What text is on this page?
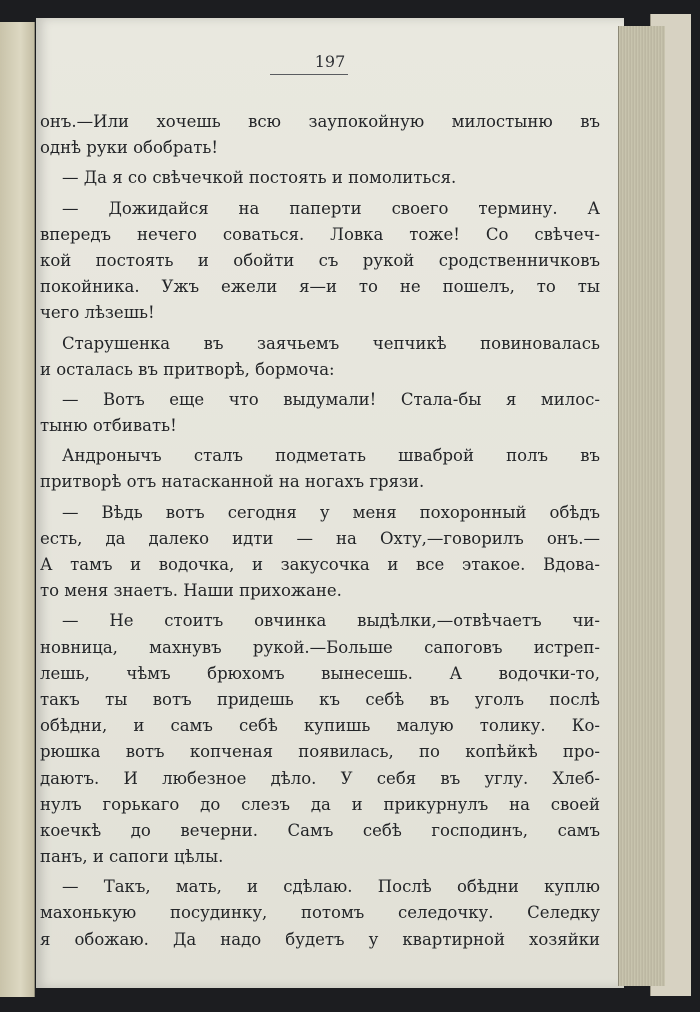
197
онъ.—Или хочешь всю заупокойную милостыню въ
однѣ руки обобрать!
— Да я со свѣчечкой постоять и помолиться.
— Дожидайся на паперти своего термину. А
впередъ нечего соваться. Ловка тоже! Со свѣчеч-
кой постоять и обойти съ рукой сродственничковъ
покойника. Ужъ ежели я—и то не пошелъ, то ты
чего лѣзешь!
Старушенка въ заячьемъ чепчикѣ повиновалась
и осталась въ притворѣ, бормоча:
— Вотъ еще что выдумали! Стала-бы я милос-
тыню отбивать!
Андронычъ сталъ подметать шваброй полъ въ
притворѣ отъ натасканной на ногахъ грязи.
— Вѣдь вотъ сегодня у меня похоронный обѣдъ
есть, да далеко идти — на Охту,—говорилъ онъ.—
А тамъ и водочка, и закусочка и все этакое. Вдова-
то меня знаетъ. Наши прихожане.
— Не стоитъ овчинка выдѣлки,—отвѣчаетъ чи-
новница, махнувъ рукой.—Больше сапоговъ истреп-
лешь, чѣмъ брюхомъ вынесешь. А водочки-то,
такъ ты вотъ придешь къ себѣ въ уголъ послѣ
обѣдни, и самъ себѣ купишь малую толику. Ко-
рюшка вотъ копченая появилась, по копѣйкѣ про-
даютъ. И любезное дѣло. У себя въ углу. Хлеб-
нулъ горькаго до слезъ да и прикурнулъ на своей
коечкѣ до вечерни. Самъ себѣ господинъ, самъ
панъ, и сапоги цѣлы.
— Такъ, мать, и сдѣлаю. Послѣ обѣдни куплю
махонькую посудинку, потомъ селедочку. Селедку
я обожаю. Да надо будетъ у квартирной хозяйки
